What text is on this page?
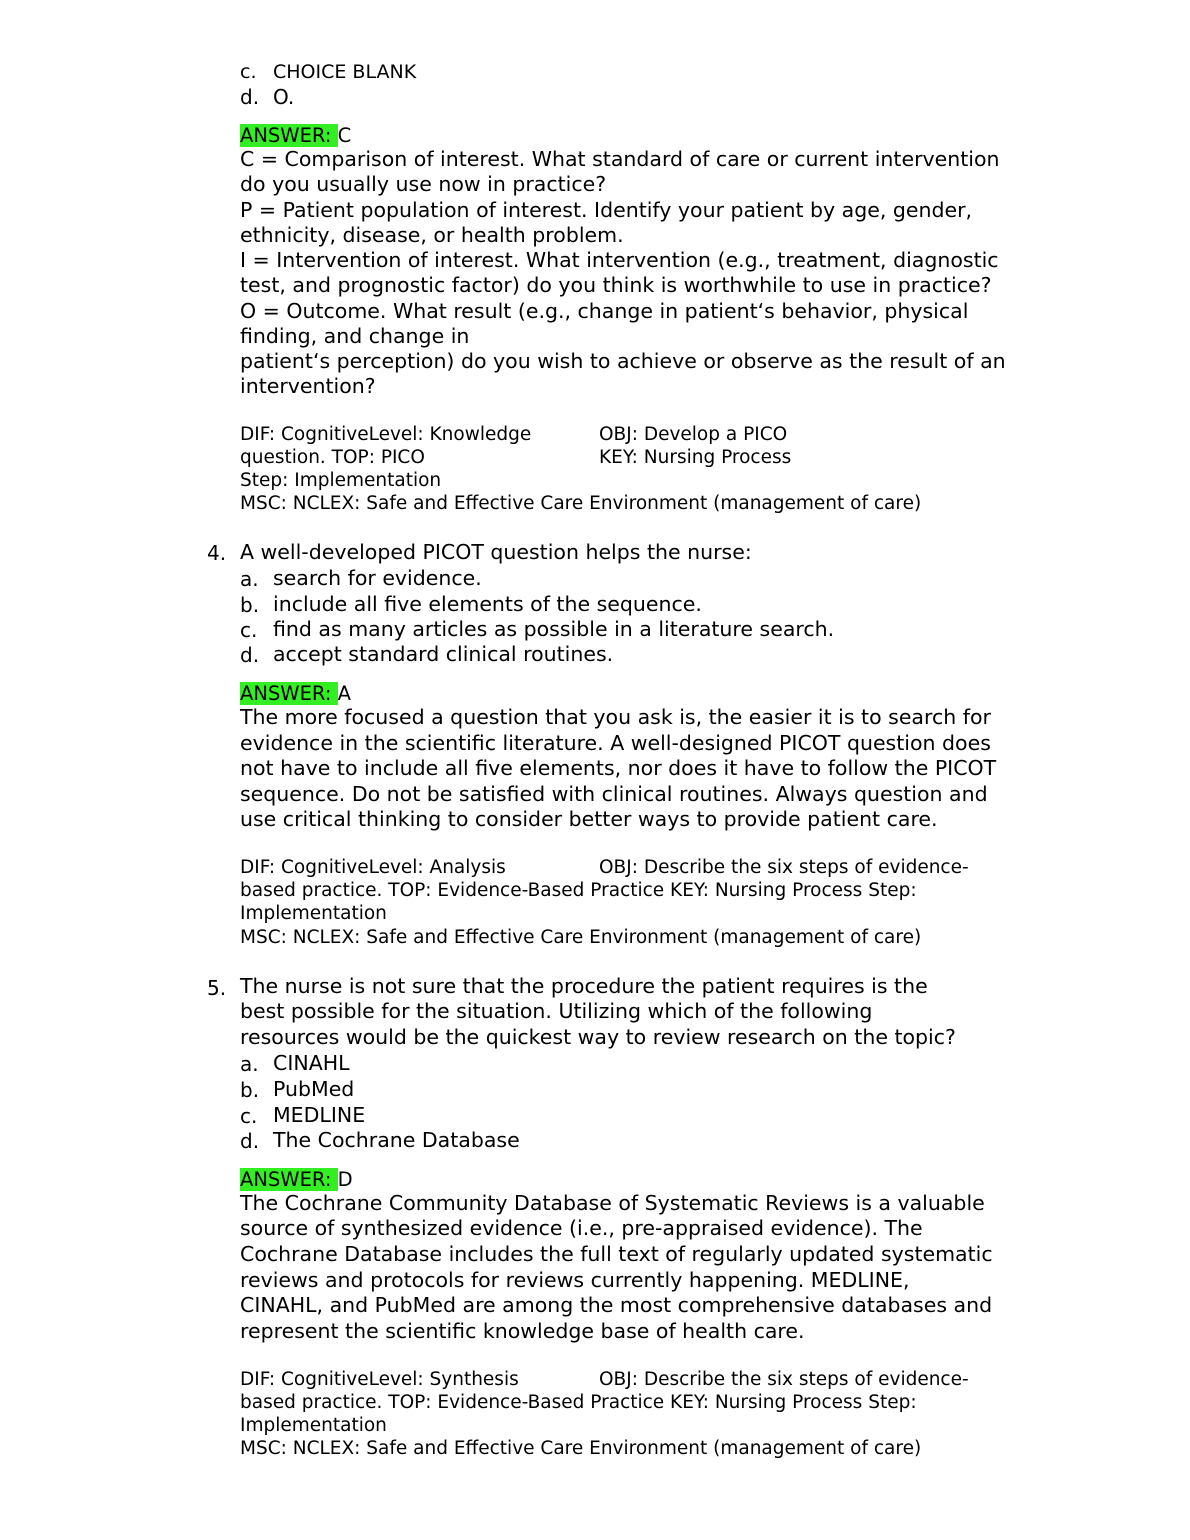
c. CHOICE BLANK
d. O.
ANSWER: C
C = Comparison of interest. What standard of care or current intervention
do you usually use now in practice?
P = Patient population of interest. Identify your patient by age, gender,
ethnicity, disease, or health problem.
I = Intervention of interest. What intervention (e.g., treatment, diagnostic
test, and prognostic factor) do you think is worthwhile to use in practice?
O = Outcome. What result (e.g., change in patient‘s behavior, physical
finding, and change in
patient‘s perception) do you wish to achieve or observe as the result of an
intervention?
DIF: CognitiveLevel: Knowledge	OBJ: Develop a PICO
question. TOP: PICO	KEY: Nursing Process
Step: Implementation
MSC: NCLEX: Safe and Effective Care Environment (management of care)
4. A well-developed PICOT question helps the nurse:
a. search for evidence.
b. include all five elements of the sequence.
c. find as many articles as possible in a literature search.
d. accept standard clinical routines.
ANSWER: A
The more focused a question that you ask is, the easier it is to search for
evidence in the scientific literature. A well-designed PICOT question does
not have to include all five elements, nor does it have to follow the PICOT
sequence. Do not be satisfied with clinical routines. Always question and
use critical thinking to consider better ways to provide patient care.
DIF: CognitiveLevel: Analysis	OBJ: Describe the six steps of evidence-
based practice. TOP: Evidence-Based Practice KEY: Nursing Process Step:
Implementation
MSC: NCLEX: Safe and Effective Care Environment (management of care)
5. The nurse is not sure that the procedure the patient requires is the
best possible for the situation. Utilizing which of the following
resources would be the quickest way to review research on the topic?
a. CINAHL
b. PubMed
c. MEDLINE
d. The Cochrane Database
ANSWER: D
The Cochrane Community Database of Systematic Reviews is a valuable
source of synthesized evidence (i.e., pre-appraised evidence). The
Cochrane Database includes the full text of regularly updated systematic
reviews and protocols for reviews currently happening. MEDLINE,
CINAHL, and PubMed are among the most comprehensive databases and
represent the scientific knowledge base of health care.
DIF: CognitiveLevel: Synthesis	OBJ: Describe the six steps of evidence-
based practice. TOP: Evidence-Based Practice KEY: Nursing Process Step:
Implementation
MSC: NCLEX: Safe and Effective Care Environment (management of care)
